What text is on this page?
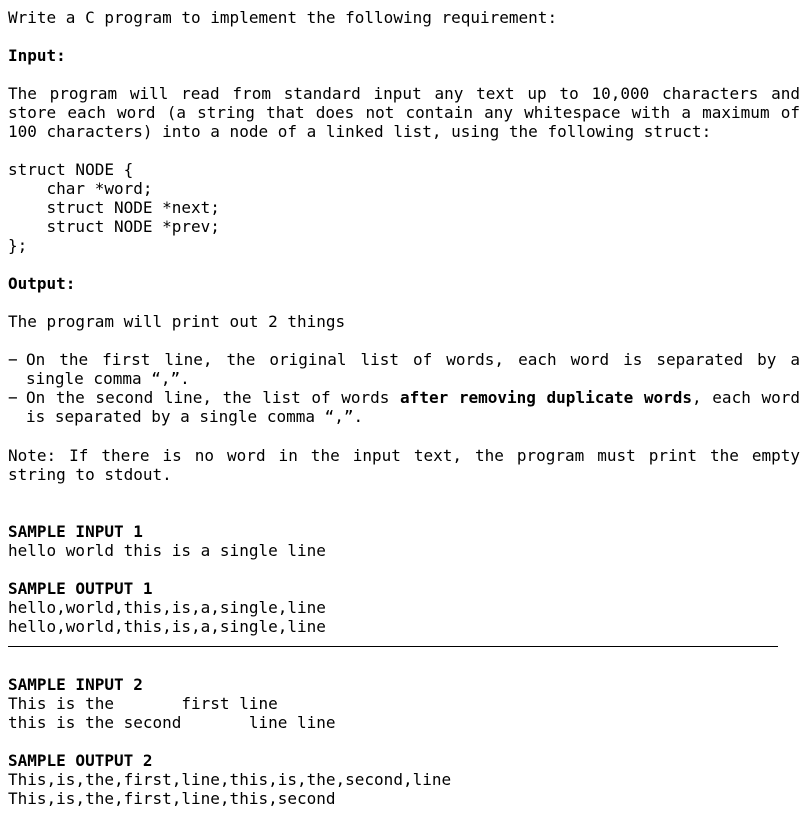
Write a C program to implement the following requirement:
Input:
The program will read from standard input any text up to 10,000 characters and
store each word (a string that does not contain any whitespace with a maximum of
100 characters) into a node of a linked list, using the following struct:
struct NODE {
char *word;
struct NODE *next;
struct NODE *prev;
};
Output:
The program will print out 2 things
− On the first line, the original list of words, each word is separated by a
single comma “,”.
− On the second line, the list of words after removing duplicate words, each word
is separated by a single comma “,”.
Note: If there is no word in the input text, the program must print the empty
string to stdout.
SAMPLE INPUT 1
hello world this is a single line
SAMPLE OUTPUT 1
hello,world,this,is,a,single,line
hello,world,this,is,a,single,line
SAMPLE INPUT 2
This is the       first line
this is the second       line line
SAMPLE OUTPUT 2
This,is,the,first,line,this,is,the,second,line
This,is,the,first,line,this,second
